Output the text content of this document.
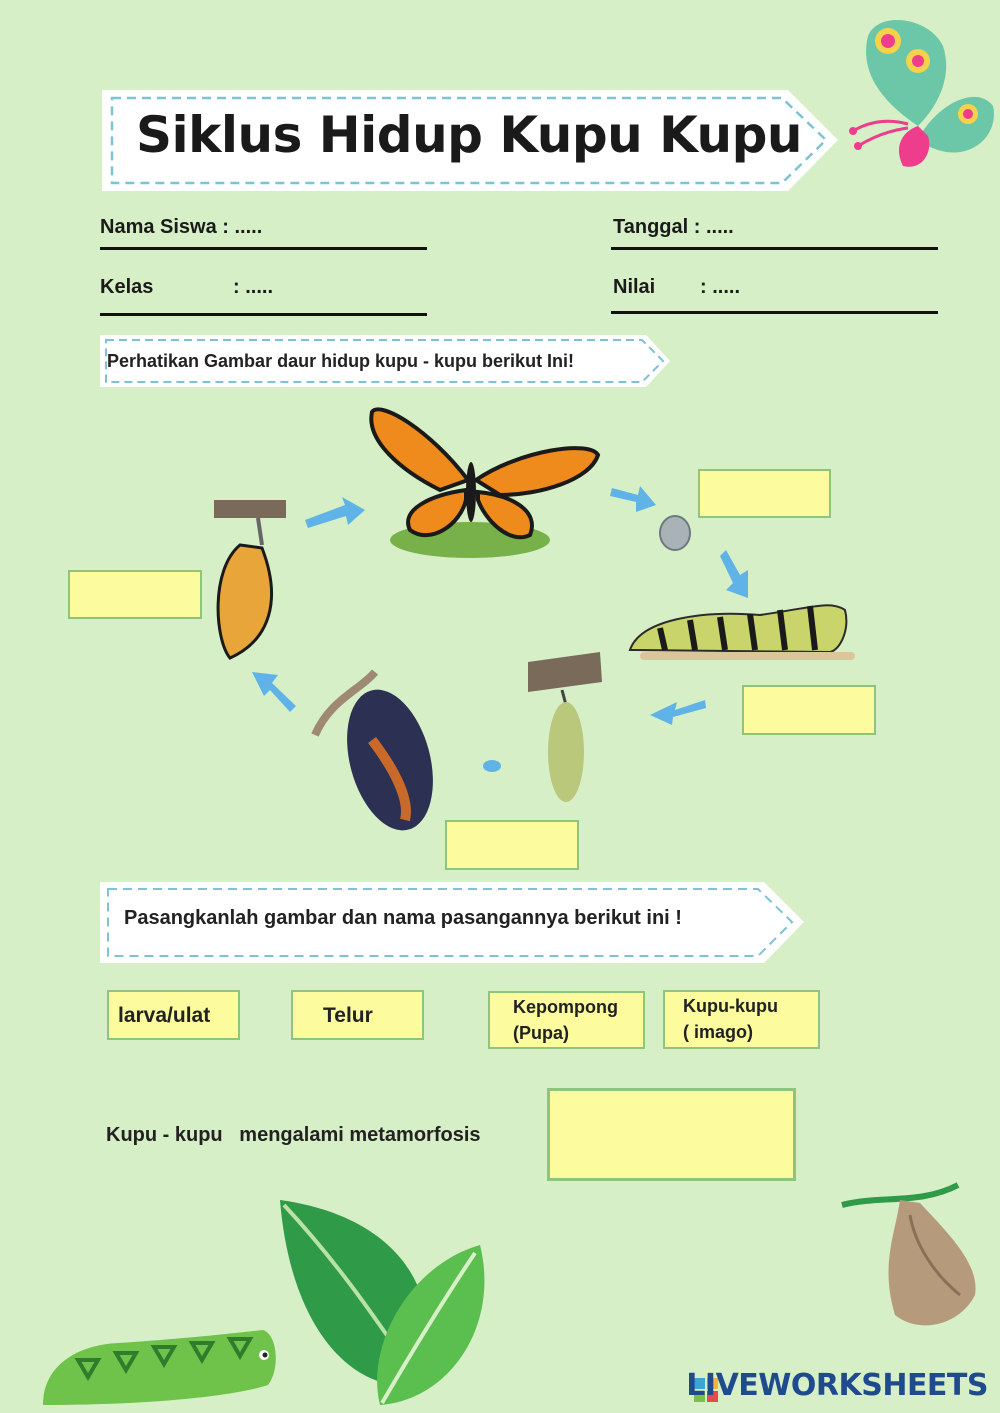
Siklus Hidup Kupu Kupu
Nama Siswa : .....
Kelas	: .....
Tanggal : .....
Nilai : .....
Perhatikan Gambar daur hidup kupu - kupu berikut Ini!
Pasangkanlah gambar dan nama pasangannya berikut ini !
larva/ulat	Telur	Kepompong
(Pupa)
Kupu-kupu
( imago)
Kupu - kupu   mengalami metamorfosis
LIVEWORKSHEETS
